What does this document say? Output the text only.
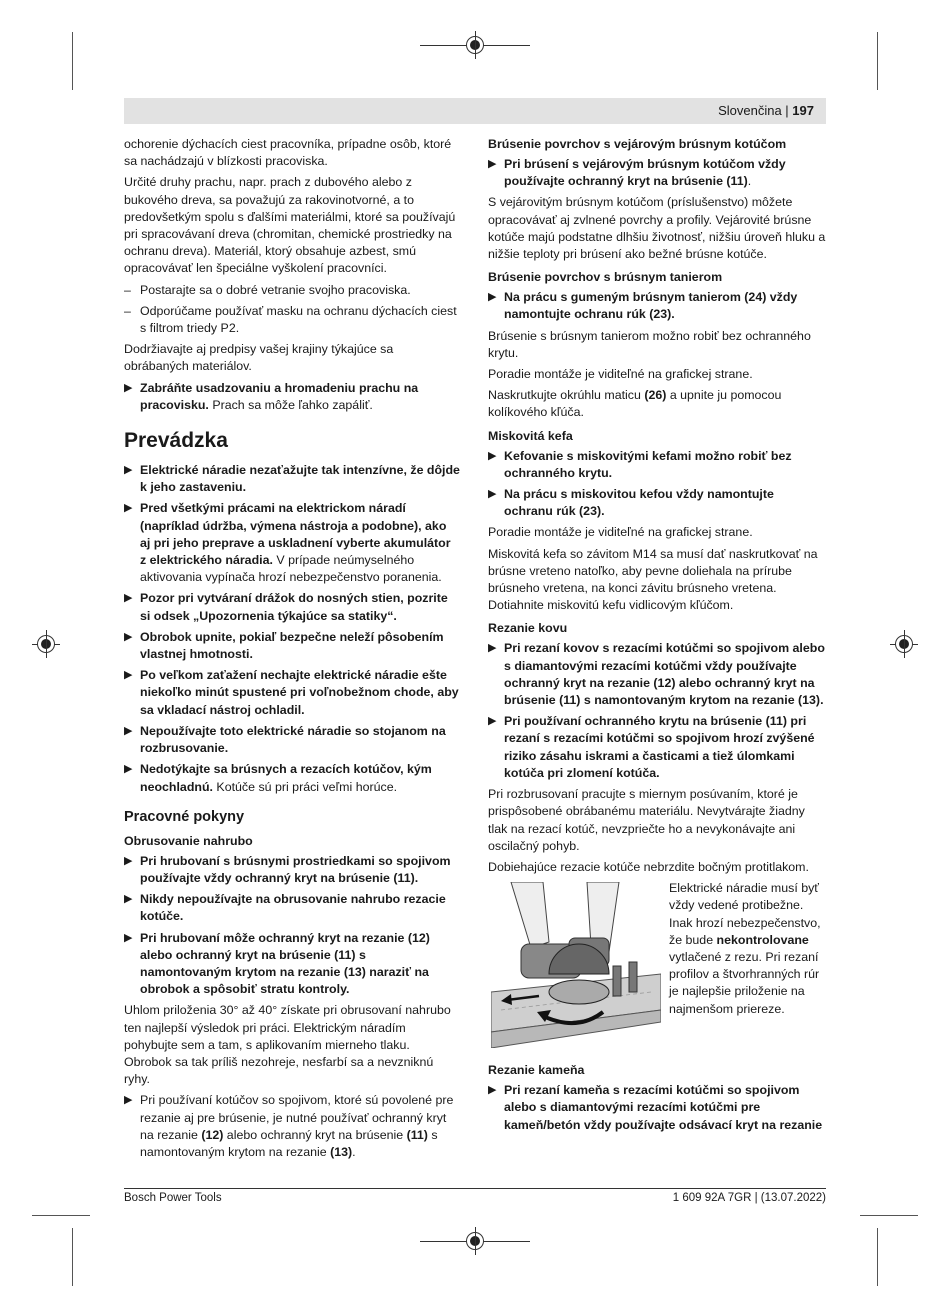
Slovenčina | 197

ochorenie dýchacích ciest pracovníka, prípadne osôb, ktoré sa nachádzajú v blízkosti pracoviska.

Určité druhy prachu, napr. prach z dubového alebo z bukového dreva, sa považujú za rakovinotvorné, a to predovšetkým spolu s ďalšími materiálmi, ktoré sa používajú pri spracovávaní dreva (chromitan, chemické prostriedky na ochranu dreva). Materiál, ktorý obsahuje azbest, smú opracovávať len špeciálne vyškolení pracovníci.

– Postarajte sa o dobré vetranie svojho pracoviska.
– Odporúčame používať masku na ochranu dýchacích ciest s filtrom triedy P2.

Dodržiavajte aj predpisy vašej krajiny týkajúce sa obrábaných materiálov.

▶ Zabráňte usadzovaniu a hromadeniu prachu na pracovisku. Prach sa môže ľahko zapáliť.
Prevádzka
▶ Elektrické náradie nezaťažujte tak intenzívne, že dôjde k jeho zastaveniu.
▶ Pred všetkými prácami na elektrickom náradí (napríklad údržba, výmena nástroja a podobne), ako aj pri jeho preprave a uskladnení vyberte akumulátor z elektrického náradia. V prípade neúmyselného aktivovania vypínača hrozí nebezpečenstvo poranenia.
▶ Pozor pri vytváraní drážok do nosných stien, pozrite si odsek „Upozornenia týkajúce sa statiky“.
▶ Obrobok upnite, pokiaľ bezpečne neleží pôsobením vlastnej hmotnosti.
▶ Po veľkom zaťažení nechajte elektrické náradie ešte niekoľko minút spustené pri voľnobežnom chode, aby sa vkladací nástroj ochladil.
▶ Nepoužívajte toto elektrické náradie so stojanom na rozbrusovanie.
▶ Nedotýkajte sa brúsnych a rezacích kotúčov, kým neochladnú. Kotúče sú pri práci veľmi horúce.
Pracovné pokyny
Obrusovanie nahrubo
▶ Pri hrubovaní s brúsnymi prostriedkami so spojivom používajte vždy ochranný kryt na brúsenie (11).
▶ Nikdy nepoužívajte na obrusovanie nahrubo rezacie kotúče.
▶ Pri hrubovaní môže ochranný kryt na rezanie (12) alebo ochranný kryt na brúsenie (11) s namontovaným krytom na rezanie (13) naraziť na obrobok a spôsobiť stratu kontroly.

Uhlom priloženia 30° až 40° získate pri obrusovaní nahrubo ten najlepší výsledok pri práci. Elektrickým náradím pohybujte sem a tam, s aplikovaním mierneho tlaku. Obrobok sa tak príliš nezohreje, nesfarbí sa a nevzniknú ryhy.

▶ Pri používaní kotúčov so spojivom, ktoré sú povolené pre rezanie aj pre brúsenie, je nutné používať ochranný kryt na rezanie (12) alebo ochranný kryt na brúsenie (11) s namontovaným krytom na rezanie (13).
Brúsenie povrchov s vejárovým brúsnym kotúčom
▶ Pri brúsení s vejárovým brúsnym kotúčom vždy používajte ochranný kryt na brúsenie (11).

S vejárovitým brúsnym kotúčom (príslušenstvo) môžete opracovávať aj zvlnené povrchy a profily. Vejárovité brúsne kotúče majú podstatne dlhšiu životnosť, nižšiu úroveň hluku a nižšie teploty pri brúsení ako bežné brúsne kotúče.

Brúsenie povrchov s brúsnym tanierom
▶ Na prácu s gumeným brúsnym tanierom (24) vždy namontujte ochranu rúk (23).

Brúsenie s brúsnym tanierom možno robiť bez ochranného krytu.

Poradie montáže je viditeľné na grafickej strane.

Naskrutkujte okrúhlu maticu (26) a upnite ju pomocou kolíkového kľúča.

Miskovitá kefa
▶ Kefovanie s miskovitými kefami možno robiť bez ochranného krytu.
▶ Na prácu s miskovitou kefou vždy namontujte ochranu rúk (23).

Poradie montáže je viditeľné na grafickej strane.

Miskovitá kefa so závitom M14 sa musí dať naskrutkovať na brúsne vreteno natoľko, aby pevne doliehala na prírube brúsneho vretena, na konci závitu brúsneho vretena. Dotiahnite miskovitú kefu vidlicovým kľúčom.

Rezanie kovu
▶ Pri rezaní kovov s rezacími kotúčmi so spojivom alebo s diamantovými rezacími kotúčmi vždy používajte ochranný kryt na rezanie (12) alebo ochranný kryt na brúsenie (11) s namontovaným krytom na rezanie (13).
▶ Pri používaní ochranného krytu na brúsenie (11) pri rezaní s rezacími kotúčmi so spojivom hrozí zvýšené riziko zásahu iskrami a časticami a tiež úlomkami kotúča pri zlomení kotúča.

Pri rozbrusovaní pracujte s miernym posúvaním, ktoré je prispôsobené obrábanému materiálu. Nevytvárajte žiadny tlak na rezací kotúč, nevzpriečte ho a nevykonávajte ani oscilačný pohyb.

Dobiehajúce rezacie kotúče nebrzdite bočným protitlakom.

Elektrické náradie musí byť vždy vedené protibežne. Inak hrozí nebezpečenstvo, že bude nekontrolovane vytlačené z rezu. Pri rezaní profilov a štvorhranných rúr je najlepšie priloženie na najmenšom priereze.
Rezanie kameňa
▶ Pri rezaní kameňa s rezacími kotúčmi so spojivom alebo s diamantovými rezacími kotúčmi pre kameň/betón vždy používajte odsávací kryt na rezanie
Bosch Power Tools	1 609 92A 7GR | (13.07.2022)
